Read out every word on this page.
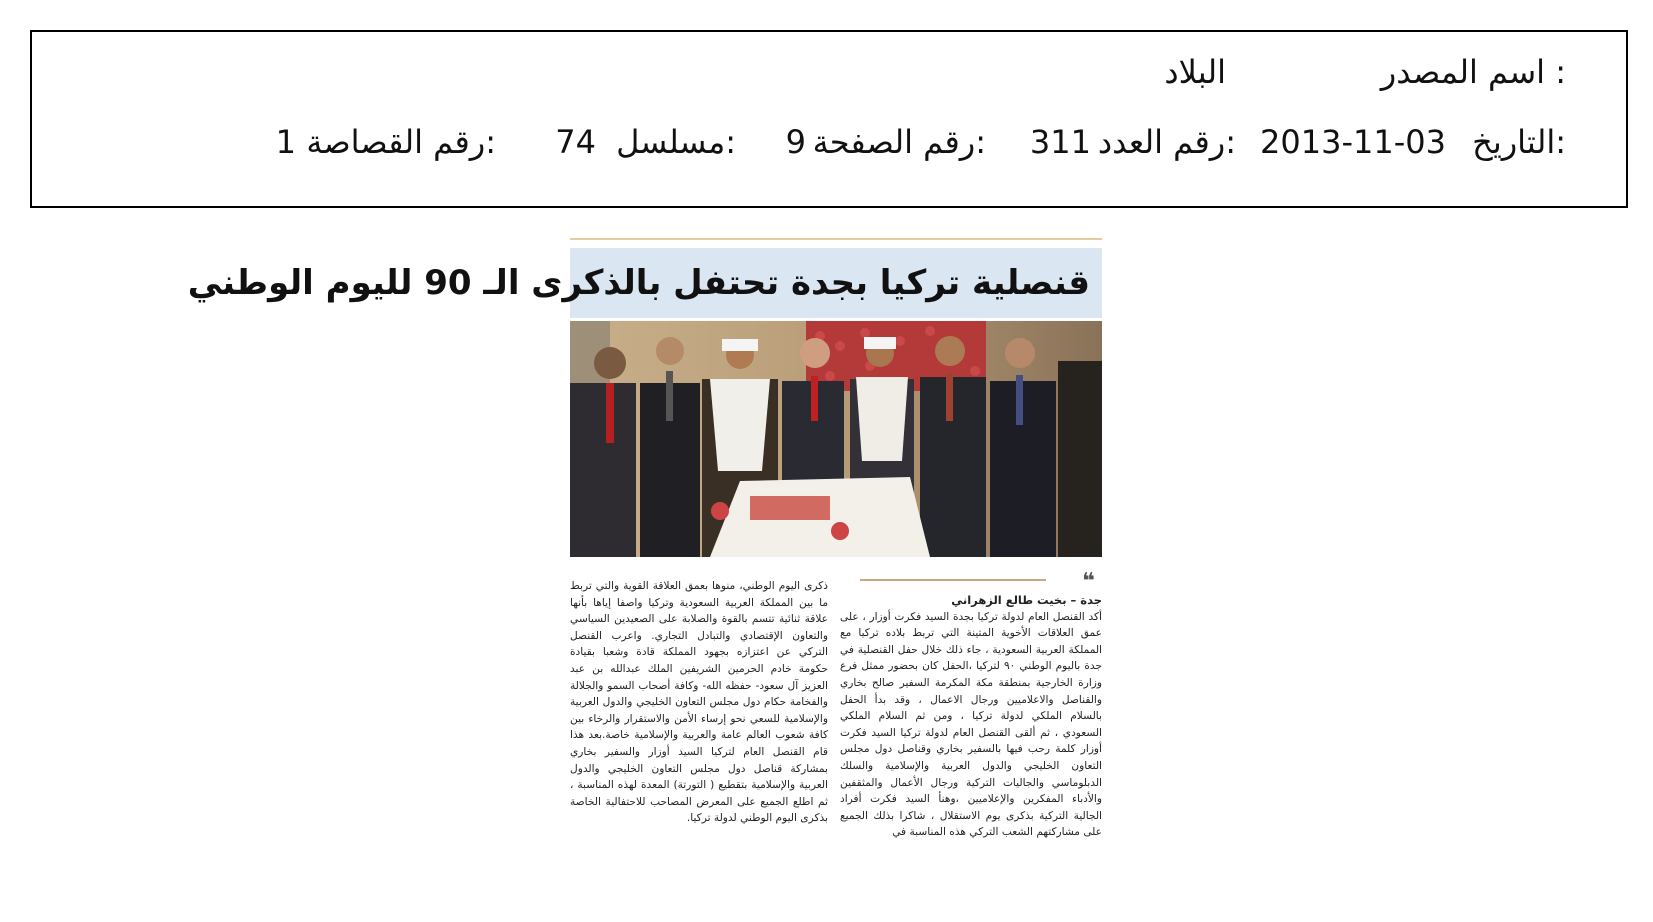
اسم المصدر :
البلاد
التاريخ:
2013-11-03
رقم العدد:
311
رقم الصفحة:
9
مسلسل:
74
رقم القصاصة:
1
قنصلية تركيا بجدة تحتفل بالذكرى الـ 90 لليوم الوطني
❝
جدة – بخيت طالع الزهراني
أكد القنصل العام لدولة تركيا بجدة السيد فكرت أوزار ، على عمق العلاقات الأخوية المتينة التي تربط بلاده تركيا مع المملكة العربية السعودية ، جاء ذلك خلال حفل القنصلية في جدة باليوم الوطني ٩٠ لتركيا ،الحفل كان بحضور ممثل فرع وزارة الخارجية بمنطقة مكة المكرمة السفير صالح بخاري والقناصل والاعلاميين ورجال الاعمال ، وقد بدأ الحفل بالسلام الملكي لدولة تركيا ، ومن ثم السلام الملكي السعودي ، ثم ألقى القنصل العام لدولة تركيا السيد فكرت أوزار كلمة رحب فيها بالسفير بخاري وقناصل دول مجلس التعاون الخليجي والدول العربية والإسلامية والسلك الدبلوماسي والجاليات التركية ورجال الأعمال والمثقفين والأدباء المفكرين والإعلاميين ،وهنأ السيد فكرت أفراد الجالية التركية بذكرى يوم الاستقلال ، شاكرا بذلك الجميع على مشاركتهم الشعب التركي هذه المناسبة في
ذكرى اليوم الوطني، منوها بعمق العلاقة القوية والتي تربط ما بين المملكة العربية السعودية وتركيا واصفا إياها بأنها علاقة ثنائية تتسم بالقوة والصلابة على الصعيدين السياسي والتعاون الإقتصادي والتبادل التجاري. واعرب القنصل التركي عن اعتزازه بجهود المملكة قادة وشعبا بقيادة حكومة خادم الحرمين الشريفين الملك عبدالله بن عبد العزيز آل سعود- حفظه الله- وكافة أصحاب السمو والجلالة والفخامة حكام دول مجلس التعاون الخليجي والدول العربية والإسلامية للسعي نحو إرساء الأمن والاستقرار والرخاء بين كافة شعوب العالم عامة والعربية والإسلامية خاصة.بعد هذا قام القنصل العام لتركيا السيد أوزار والسفير بخاري بمشاركة قناصل دول مجلس التعاون الخليجي والدول العربية والإسلامية بتقطيع ( التورتة) المعدة لهذه المناسبة ، ثم اطلع الجميع على المعرض المصاحب للاحتفالية الخاصة بذكرى اليوم الوطني لدولة تركيا.
